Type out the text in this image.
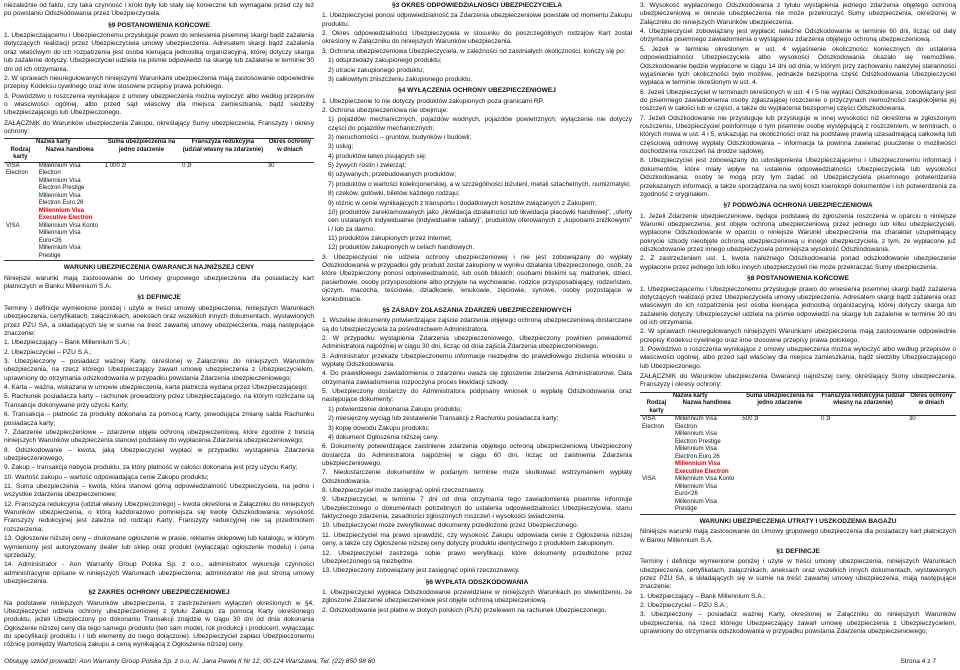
niezależnie od faktu, czy taka czynność i kroki były lub stały się konieczne lub wymagane przed czy też po powstaniu Odszkodowania przez Ubezpieczyciela.

§9 POSTANOWIENIA KOŃCOWE

1. Ubezpieczającemu i Ubezpieczonemu przysługuje prawo do wniesienia pisemnej skargi bądź zażalenia dotyczących realizacji przez Ubezpieczyciela umowy ubezpieczenia. Adresatem skargi bądź zażalenia oraz właściwym do ich rozpatrzenia jest osoba kierująca jednostką organizacyjną, której dotyczy skarga lub zażalenie dotyczy. Ubezpieczyciel udziela na piśmie odpowiedzi na skargę lub zażalenie w terminie 30 dni od ich otrzymania.

2. W sprawach nieuregulowanych niniejszymi Warunkami ubezpieczenia mają zastosowanie odpowiednie przepisy Kodeksu cywilnego oraz inne stosowne przepisy prawa polskiego.

3. Powództwo o roszczenia wynikające z umowy ubezpieczenia można wytoczyć albo według przepisów o właściwości ogólnej, albo przed sąd właściwy dla miejsca zamieszkania, bądź siedziby Ubezpieczającego lub Ubezpieczonego.

ZAŁĄCZNIK do Warunków ubezpieczenia Zakupu, określający Sumy ubezpieczenia, Franszyzy i okresy ochrony:

Nazwa karty		Suma ubezpieczenia na jedno zdarzenie	Franszyza redukcyjna (udział własny na zdarzenie)	Okres ochrony w dniach
Rodzaj karty	Nazwa handlowa			
VISA Electron	Millennium Visa Electron	1 000 zł	0 zł	30
	Millennium Visa Electron Prestige			
	Millennium Visa Electron Euro 26			
	Millennium Visa Executive Electron			
VISA	Millennium Visa Konto			
	Millennium Visa Euro<26			
	Millennium Visa Prestige			
WARUNKI UBEZPIECZENIA GWARANCJI NAJNIŻSZEJ CENY

Niniejsze warunki mają zastosowanie do Umowy grupowego ubezpieczenia dla posiadaczy kart płatniczych w Banku Millennium S.A.

§1 DEFINICJE

Terminy i definicje wymienione poniżej i użyte w treści umowy ubezpieczenia, niniejszych Warunkach ubezpieczenia, certyfikatach, załącznikach, aneksach oraz wszelkich innych dokumentach, wystawionych przez PZU SA, a składających się w sumie na treść zawartej umowy ubezpieczenia, mają następujące znaczenie:

1. Ubezpieczający – Bank Millennium S.A.;

2. Ubezpieczyciel – PZU S.A.;

3. Ubezpieczony – posiadacz ważnej Karty, określonej w Załączniku do niniejszych Warunków ubezpieczenia, na rzecz którego Ubezpieczający zawarł umowę ubezpieczenia z Ubezpieczycielem, uprawniony do otrzymania odszkodowania w przypadku powstania Zdarzenia ubezpieczeniowego;

4. Karta – ważna, wskazana w umowie ubezpieczenia, karta płatnicza wydana przez Ubezpieczającego;

5. Rachunek posiadacza karty – rachunek prowadzony przez Ubezpieczającego, na którym rozliczane są Transakcje dokonywane przy użyciu Karty;

6. Transakcja – płatność za produkty dokonana za pomocą Karty, powodująca zmianę salda Rachunku posiadacza karty;

7. Zdarzenie ubezpieczeniowe – zdarzenie objęte ochroną ubezpieczeniową, które zgodnie z treścią niniejszych Warunków ubezpieczenia stanowi podstawę do wypłacenia Zdarzenia ubezpieczeniowego;

8. Odszkodowanie – kwota, jaką Ubezpieczyciel wypłaci w przypadku wystąpienia Zdarzenia ubezpieczeniowego;

9. Zakup – transakcja nabycia produktu, za który płatność w całości dokonana jest przy użyciu Karty;

10. Wartość zakupu – wartość odpowiadająca cenie Zakupu produktu;

11. Suma ubezpieczenia – kwota, która stanowi górną odpowiedzialność Ubezpieczyciela, na jedno i wszystkie zdarzenia ubezpieczeniowe;

12. Franszyza redukcyjna (udział własny Ubezpieczonego) – kwota określona w Załączniku do niniejszych Warunków ubezpieczenia, o którą każdorazowo pomniejsza się kwotę Odszkodowania; wysokość Franszyzy redukcyjnej jest zależna od rodzaju Karty; Franszyzy redukcyjnej nie są przedmiotem rozszerzenia;

13. Ogłoszenie niższej ceny – drukowane ogłoszenie w prasie, reklamie sklepowej lub katalogu, w którym wymieniony jest autoryzowany dealer lub sklep oraz produkt (wyłączając ogłoszenie modelu) i cena sprzedaży;

14. Administrator - Aon Warranty Group Polska Sp. z o.o., administrator wykonuje czynności administracyjne opisane w niniejszych Warunkach ubezpieczenia; administrator nie jest stroną umowy ubezpieczenia.

§2 ZAKRES OCHRONY UBEZPIECZENIOWEJ

Na podstawie niniejszych Warunków ubezpieczenia, z zastrzeżeniem wyłączeń określonych w §4, Ubezpieczyciel udziela ochrony ubezpieczeniowej z tytułu Zakupu za pomocą Karty określonego produktu, jeżeli Ubezpieczony po dokonaniu Transakcji znajdzie w ciągu 30 dni od dnia dokonania Ogłoszenie niższej ceny dla tego samego produktu (ten sam model, rok produkcji i producent, wyłączając do specyfikacji produktu i / lub elementy do niego dołączone). Ubezpieczyciel zapłaci Ubezpieczonemu różnicę pomiędzy Wartością zakupu a ceną wynikającą z Ogłoszenia niższej ceny.

§3 OKRES ODPOWIEDZIALNOŚCI UBEZPIECZYCIELA

1. Ubezpieczyciel ponosi odpowiedzialność za Zdarzenia ubezpieczeniowe powstałe od momentu Zakupu produktu.

2. Okres odpowiedzialności Ubezpieczyciela w stosunku do poszczególnych rodzajów Kart został określony w Załączniku do niniejszych Warunków ubezpieczenia.

3. Ochrona ubezpieczeniowa Ubezpieczyciela, w zależności od zaistniałych okoliczności, kończy się po:

1) odsprzedaży zakupionego produktu;

2) utracie zakupionego produktu;

3) całkowitym zniszczeniu zakupionego produktu.

§4 WYŁĄCZENIA OCHRONY UBEZPIECZENIOWEJ

1. Ubezpieczenie to nie dotyczy produktów zakupionych poza granicami RP.

2. Ochrona ubezpieczeniowa nie obejmuje:

1) pojazdów mechanicznych, pojazdów wodnych, pojazdów powietrznych; wyłączenie nie dotyczy części do pojazdów mechanicznych;

2) nieruchomości – gruntów, budynków i budowli;

3) usług;

4) produktów łatwo psujących się;

5) żywych roślin i zwierząt;

6) używanych, przebudowanych produktów;

7) produktów o wartości kolekcjonerskiej, a w szczególności biżuterii, metali szlachetnych, numizmatyki;

8) czeków, gotówki, biletów każdego rodzaju;

9) różnic w cenie wynikających z transportu i dodatkowych kosztów związanych z Zakupem;

10) produktów zareklamowanych jako „likwidacja działalności lub likwidacja placówki handlowej”, „oferty cen ustalanych indywidualnie (indywidualne rabaty)”, produktów oferowanych z „kuponami zniżkowymi” i / lub za darmo;

11) produktów zakupionych przez Internet;

12) produktów zakupionych w celach handlowych.

3. Ubezpieczyciel nie udziela ochrony ubezpieczeniowej i nie jest zobowiązany do wypłaty Odszkodowania w przypadku gdy produkt został zakupiony w wyniku działania Ubezpieczonego, osób, za które Ubezpieczony ponosi odpowiedzialność, lub osób bliskich; osobami bliskimi są: małżonek, dzieci, pasierbowie, osoby przysposobione albo przyjęte na wychowanie, rodzice przysposabiający, rodzeństwo, ojczym, macocha, teściowie, dziadkowie, wnukowie, zięciowie, synowe, osoby pozostające w konkubinacie.

§5 ZASADY ZGŁASZANIA ZDARZEŃ UBEZPIECZENIOWYCH

1. Wszelkie dokumenty potwierdzające zajście zdarzenia objętego ochroną ubezpieczeniową dostarczane są do Ubezpieczyciela za pośrednictwem Administratora.

2. W przypadku wystąpienia Zdarzenia ubezpieczeniowego, Ubezpieczony powinien powiadomić Administratora najpóźniej w ciągu 30 dni, licząc od dnia zajścia Zdarzenia ubezpieczeniowego.

3. Administrator przekaże Ubezpieczonemu informacje niezbędne do prawidłowego złożenia wniosku o wypłatę Odszkodowania.

4. Do prawidłowego zawiadomienia o zdarzeniu uważa się zgłoszenie zdarzenia Administratorowi. Data otrzymania zawiadomienia rozpoczyna proces likwidacji szkody.

5. Ubezpieczony dostarczy do Administratora podpisany wniosek o wypłatę Odszkodowania oraz następujące dokumenty:

1) potwierdzenie dokonania Zakupu produktu;

2) miesięczny wyciąg lub zestawienie Transakcji z Rachunku posiadacza karty;

3) kopię dowodu Zakupu produktu;

4) dokument Ogłoszenia niższej ceny.

6. Dokumenty potwierdzające zaistnienie zdarzenia objętego ochroną ubezpieczeniową Ubezpieczony dostarcza do Administratora najpóźniej w ciągu 60 dni, licząc od zaistnienia Zdarzenia ubezpieczeniowego.

7. Niedostarczenie dokumentów w podanym terminie może skutkować wstrzymaniem wypłaty Odszkodowania.

8. Ubezpieczyciel może zasięgnąć opinii rzeczoznawcy.

9. Ubezpieczyciel, w terminie 7 dni od dnia otrzymania tego zawiadomienia pisemnie informuje Ubezpieczonego o dokumentach potrzebnych do ustalenia odpowiedzialności Ubezpieczyciela, stanu faktycznego zdarzenia, zasadności zgłoszonych roszczeń i wysokości świadczenia.

10. Ubezpieczyciel może zweryfikować dokumenty przedłożone przez Ubezpieczonego.

11. Ubezpieczyciel ma prawo sprawdzić, czy wysokość Zakupu odpowiada cenie z Ogłoszenia niższej ceny, a także czy Ogłoszenie niższej ceny dotyczy produktu identycznego z produktem zakupionym.

12. Ubezpieczyciel zastrzega sobie prawo weryfikacji, które dokumenty przedłożone przez Ubezpieczonego są niezbędne.

13. Ubezpieczony zobowiązany jest zasięgnąć opinii rzeczoznawcy.

§6 WYPŁATA ODSZKODOWANIA

1. Ubezpieczyciel wypłaca Odszkodowanie przewidziane w niniejszych Warunkach po stwierdzeniu, że zgłoszone Zdarzenie ubezpieczeniowe jest objęte ochroną ubezpieczeniową.

2. Odszkodowanie jest płatne w złotych polskich (PLN) przelewem na rachunek Ubezpieczonego.

3. Wysokość wypłaconego Odszkodowania z tytułu wystąpienia jednego zdarzenia objętego ochroną ubezpieczeniową w okresie ubezpieczenia nie może przekroczyć Sumy ubezpieczenia, określonej w Załączniku do niniejszych Warunków ubezpieczenia.

4. Ubezpieczyciel zobowiązany jest wypłacić należne Odszkodowanie w terminie 60 dni, licząc od daty otrzymania pisemnego zawiadomienia o wystąpieniu zdarzenia objętego ochroną ubezpieczeniową.

5. Jeżeli w terminie określonym w ust. 4 wyjaśnienie okoliczności koniecznych do ustalenia odpowiedzialności Ubezpieczyciela albo wysokości Odszkodowania okazało się niemożliwe, Odszkodowanie będzie wypłacone w ciągu 14 dni od dnia, w którym przy zachowaniu należytej staranności wyjaśnienie tych okoliczności było możliwe, jednakże bezsporna część Odszkodowania Ubezpieczyciel wypłaca w terminie określonym w ust. 4.

6. Jeżeli Ubezpieczyciel w terminach określonych w ust. 4 i 5 nie wypłaci Odszkodowania, zobowiązany jest do pisemnego zawiadomienia osoby zgłaszającej roszczenie o przyczynach niemożności zaspokojenia jej roszczeń w całości lub w części, a także do wypłacenia bezspornej części Odszkodowania.

7. Jeżeli Odszkodowanie nie przysługuje lub przysługuje w innej wysokości niż określona w zgłoszonym roszczeniu, Ubezpieczyciel poinformuje o tym pisemnie osobę występującą z roszczeniem, w terminach, o których mowa w ust. 4 i 5, wskazując na okoliczności oraz na podstawę prawną uzasadniającą całkowitą lub częściową odmowę wypłaty Odszkodowania – informacja ta powinna zawierać pouczenie o możliwości dochodzenia roszczeń na drodze sądowej.

8. Ubezpieczyciel jest zobowiązany do udostępnienia Ubezpieczającemu i Ubezpieczonemu informacji i dokumentów, które miały wpływ na ustalenie odpowiedzialności Ubezpieczyciela lub wysokości Odszkodowania; osoby te mogą przy tym żądać od Ubezpieczyciela pisemnego potwierdzenia przekazanych informacji, a także sporządzania na swój koszt kserokopii dokumentów i ich potwierdzenia za zgodność z oryginałem.

§7 PODWÓJNA OCHRONA UBEZPIECZENIOWA

1. Jeżeli Zdarzenie ubezpieczeniowe, będące podstawą do zgłoszenia roszczenia w oparciu o niniejsze Warunki ubezpieczenia, jest objęte ochroną ubezpieczeniową przez jednego lub kilku ubezpieczycieli, wypłacone Odszkodowanie w oparciu o niniejsze Warunki ubezpieczenia ma charakter uzupełniający pokrycie szkody nieobjęte ochroną ubezpieczeniową u innego ubezpieczyciela, z tym, że wypłacone już odszkodowanie przez innego ubezpieczyciela pomniejsza wysokość Odszkodowania.

2. Z zastrzeżeniem ust. 1, kwota należnego Odszkodowania ponad odszkodowanie ubezpieczenie wypłacone przez jednego lub kilku innych ubezpieczycieli nie może przekraczać Sumy ubezpieczenia.

§8 POSTANOWIENIA KOŃCOWE

1. Ubezpieczającemu i Ubezpieczonemu przysługuje prawo do wniesienia pisemnej skargi bądź zażalenia dotyczących realizacji przez Ubezpieczyciela umowy ubezpieczenia. Adresatem skargi bądź zażalenia oraz właściwym do ich rozpatrzenia jest osoba kierująca jednostką organizacyjną, której dotyczy skarga lub zażalenie dotyczy. Ubezpieczyciel udziela na piśmie odpowiedzi na skargę lub zażalenie w terminie 30 dni od ich otrzymania.

2. W sprawach nieuregulowanych niniejszymi Warunkami ubezpieczenia mają zastosowanie odpowiednie przepisy Kodeksu cywilnego oraz inne stosowne przepisy prawa polskiego.

3. Powództwo o roszczenia wynikające z umowy ubezpieczenia można wytoczyć albo według przepisów o właściwości ogólnej, albo przed sąd właściwy dla miejsca zamieszkania, bądź siedziby Ubezpieczającego lub Ubezpieczonego.

ZAŁĄCZNIK do Warunków ubezpieczenia Gwarancji najniższej ceny, określający Sumy ubezpieczenia, Franszyzy i okresy ochrony:

Nazwa karty		Suma ubezpieczenia na jedno zdarzenie	Franszyza redukcyjna (udział własny na zdarzenie)	Okres ochrony w dniach
Rodzaj karty	Nazwa handlowa			
VISA Electron	Millennium Visa Electron	500 zł	0 zł	30
	Millennium Visa Electron Prestige			
	Millennium Visa Electron Euro 26			
	Millennium Visa Executive Electron			
VISA	Millennium Visa Konto			
	Millennium Visa Euro<26			
	Millennium Visa Prestige			
WARUNKI UBEZPIECZENIA UTRATY I USZKODZENIA BAGAŻU

Niniejsze warunki mają zastosowanie do Umowy grupowego ubezpieczenia dla posiadaczy kart płatniczych w Banku Millennium S.A.

§1 DEFINICJE

Terminy i definicje wymienione poniżej i użyte w treści umowy ubezpieczenia, niniejszych Warunkach ubezpieczenia, certyfikatach, załącznikach, aneksach oraz wszelkich innych dokumentach, wystawionych przez PZU SA, a składających się w sumie na treść zawartej umowy ubezpieczenia, mają następujące znaczenie:

1. Ubezpieczający – Bank Millennium S.A.;

2. Ubezpieczyciel – PZU S.A.;

3. Ubezpieczony – posiadacz ważnej Karty, określonej w Załączniku do niniejszych Warunków ubezpieczenia, na rzecz którego Ubezpieczający zawarł umowę ubezpieczenia z Ubezpieczycielem, uprawniony do otrzymania odszkodowania w przypadku powstania Zdarzenia ubezpieczeniowego;

Obsługę szkód prowadzi: Aon Warranty Group Polska Sp. z o.o, Al. Jana Pawła II Nr 12, 00-124 Warszawa, Tel. (22) 850 98 80	Strona 4 z 7
